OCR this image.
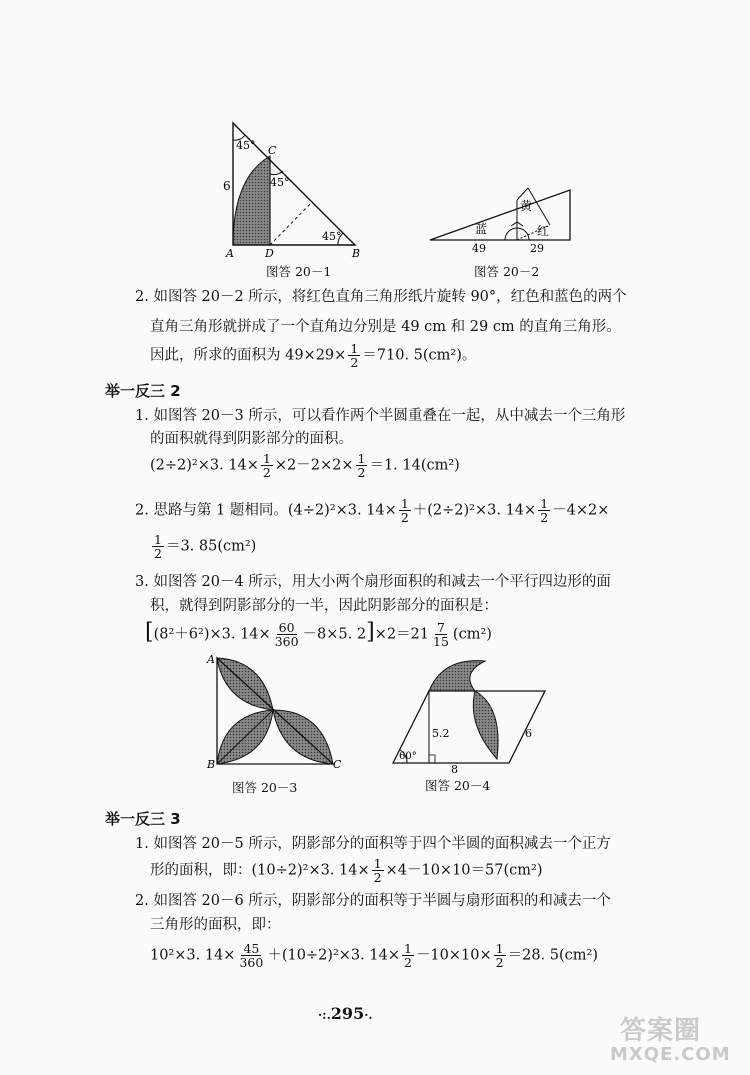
45°
45°
45°
6
C
A	D	B
图答 20－1
蓝
黄
红
49	29
图答 20－2
2. 如图答 20－2 所示，将红色直角三角形纸片旋转 90°，红色和蓝色的两个
直角三角形就拼成了一个直角边分别是 49 cm 和 29 cm 的直角三角形。
因此，所求的面积为 $49\times 29\times \frac{1}{2} =710$. 5(cm²)。
举一反三 2
1. 如图答 20－3 所示，可以看作两个半圆重叠在一起，从中减去一个三角形
的面积就得到阴影部分的面积。
(2÷2)²×3. $14\times \frac{1}{2} \times 2-2\times 2\times \frac{1}{2} =1$. 14(cm²)
2. 思路与第 1 题相同。(4÷2)²×3. $14\times \frac{1}{2} +(2\div 2)^2\times 3$. $14\times \frac{1}{2} -4\times 2\times$
$\frac{1}{2} =3$. 85(cm²)
3. 如图答 20－4 所示，用大小两个扇形面积的和减去一个平行四边形的面
积，就得到阴影部分的一半，因此阴影部分的面积是：
[(8²＋6²)×3. $14\times \frac{60}{360} -8\times 5$. $2]\times 2=21 \frac{7}{15} (cm^2)$
A
B	C
图答 20－3
5.2	6
8
60°
图答 20－4
举一反三 3
1. 如图答 20－5 所示，阴影部分的面积等于四个半圆的面积减去一个正方
形的面积，即：(10÷2)²×3. $14\times \frac{1}{2} \times 4-10\times 10=57(cm^2)$
2. 如图答 20－6 所示，阴影部分的面积等于半圆与扇形面积的和减去一个
三角形的面积，即：
10²×3. $14\times \frac{45}{360} +(10\div 2)^2\times 3$. $14\times \frac{1}{2} -10\times 10\times \frac{1}{2} =28$. 5(cm²)
·:.295·.
答案圈
MXQE.COM
